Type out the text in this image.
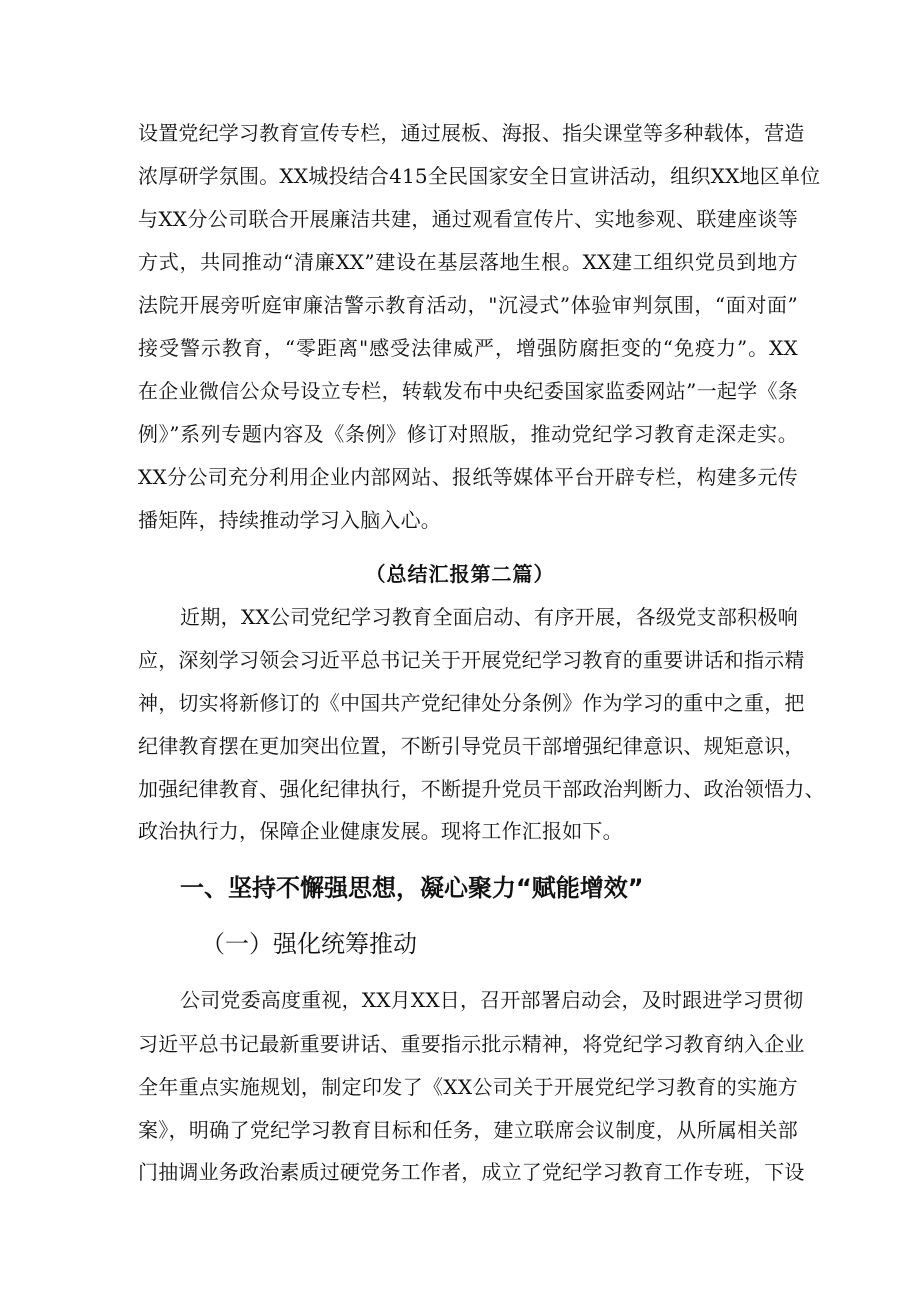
设置党纪学习教育宣传专栏，通过展板、海报、指尖课堂等多种载体，营造
浓厚研学氛围。XX城投结合415全民国家安全日宣讲活动，组织XX地区单位
与XX分公司联合开展廉洁共建，通过观看宣传片、实地参观、联建座谈等
方式，共同推动“清廉XX”建设在基层落地生根。XX建工组织党员到地方
法院开展旁听庭审廉洁警示教育活动，"沉浸式”体验审判氛围，“面对面”
接受警示教育，“零距离"感受法律威严，增强防腐拒变的“免疫力”。XX
在企业微信公众号设立专栏，转载发布中央纪委国家监委网站”一起学《条
例》”系列专题内容及《条例》修订对照版，推动党纪学习教育走深走实。
XX分公司充分利用企业内部网站、报纸等媒体平台开辟专栏，构建多元传
播矩阵，持续推动学习入脑入心。
（总结汇报第二篇）
近期，XX公司党纪学习教育全面启动、有序开展，各级党支部积极响
应，深刻学习领会习近平总书记关于开展党纪学习教育的重要讲话和指示精
神，切实将新修订的《中国共产党纪律处分条例》作为学习的重中之重，把
纪律教育摆在更加突出位置，不断引导党员干部增强纪律意识、规矩意识，
加强纪律教育、强化纪律执行，不断提升党员干部政治判断力、政治领悟力、
政治执行力，保障企业健康发展。现将工作汇报如下。
一、坚持不懈强思想，凝心聚力“赋能增效”
（一）强化统筹推动
公司党委高度重视，XX月XX日，召开部署启动会，及时跟进学习贯彻
习近平总书记最新重要讲话、重要指示批示精神，将党纪学习教育纳入企业
全年重点实施规划，制定印发了《XX公司关于开展党纪学习教育的实施方
案》，明确了党纪学习教育目标和任务，建立联席会议制度，从所属相关部
门抽调业务政治素质过硬党务工作者，成立了党纪学习教育工作专班，下设
